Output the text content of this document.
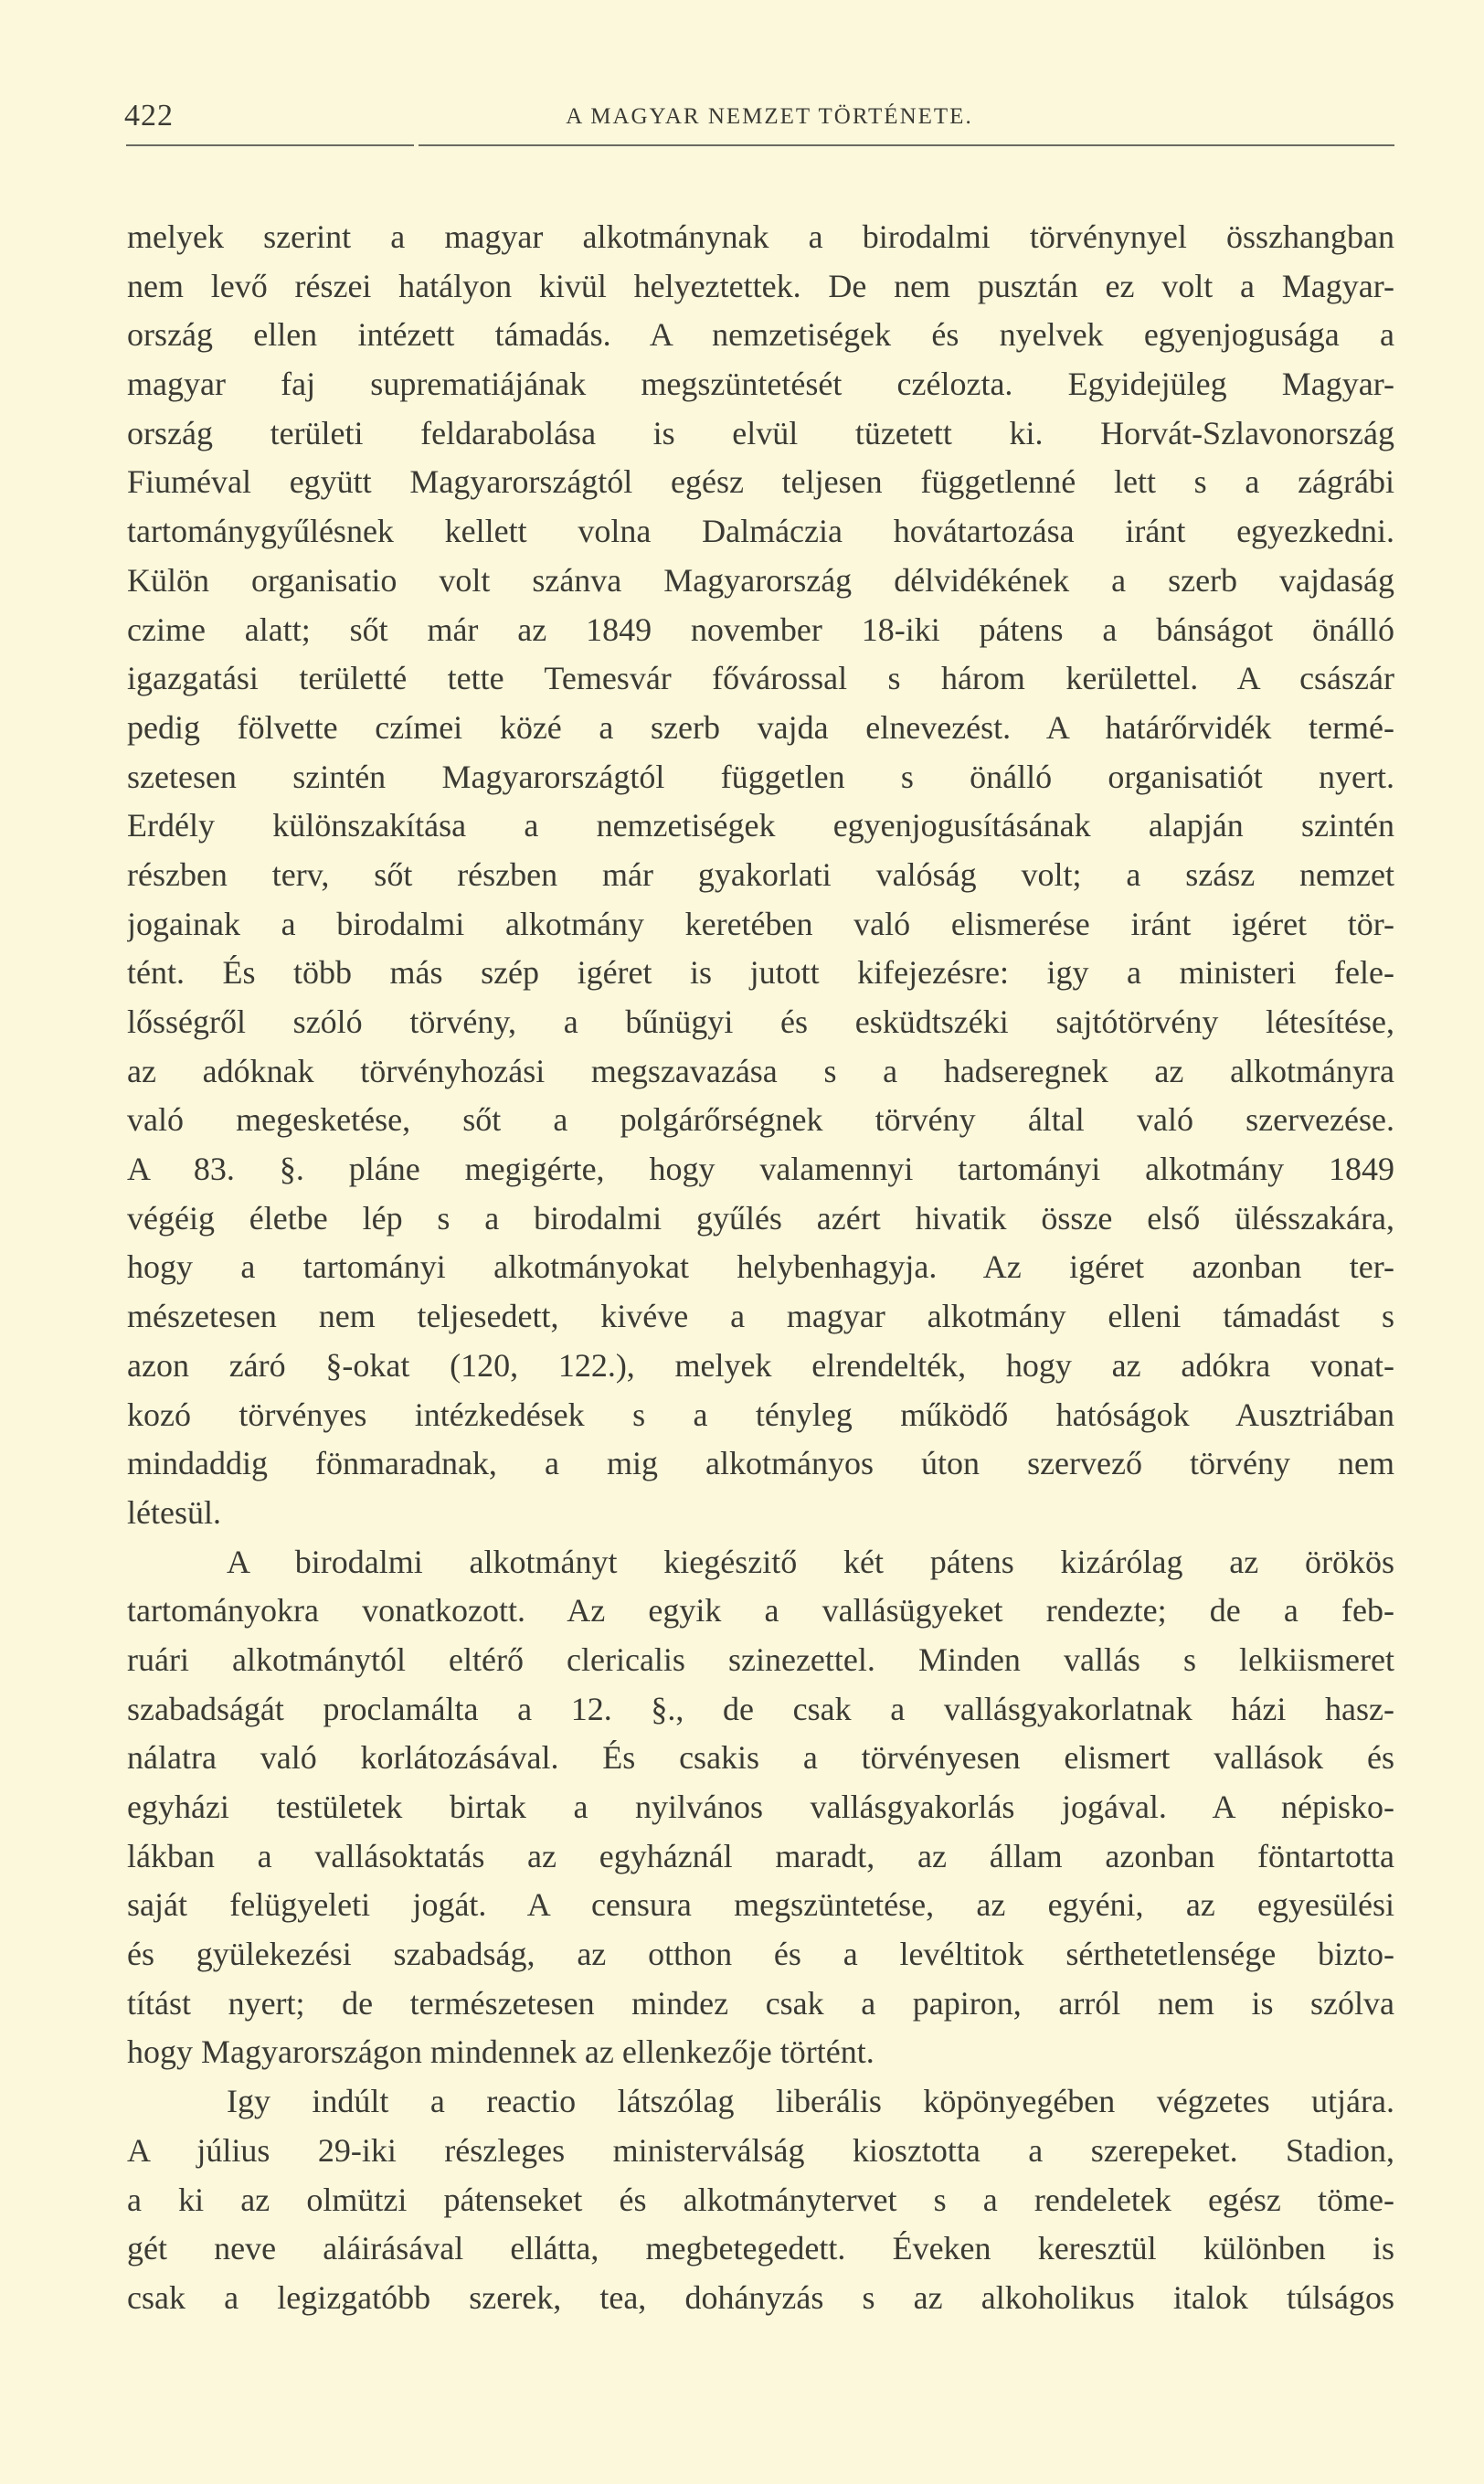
422	A MAGYAR NEMZET TÖRTÉNETE.
melyek szerint a magyar alkotmánynak a birodalmi törvénynyel összhangban
nem levő részei hatályon kivül helyeztettek. De nem pusztán ez volt a Magyar-
ország ellen intézett támadás. A nemzetiségek és nyelvek egyenjogusága a
magyar faj suprematiájának megszüntetését czélozta. Egyidejüleg Magyar-
ország területi feldarabolása is elvül tüzetett ki. Horvát-Szlavonország
Fiuméval együtt Magyarországtól egész teljesen függetlenné lett s a zágrábi
tartománygyűlésnek kellett volna Dalmáczia hovátartozása iránt egyezkedni.
Külön organisatio volt szánva Magyarország délvidékének a szerb vajdaság
czime alatt; sőt már az 1849 november 18-iki pátens a bánságot önálló
igazgatási területté tette Temesvár fővárossal s három kerülettel. A császár
pedig fölvette czímei közé a szerb vajda elnevezést. A határőrvidék termé-
szetesen szintén Magyarországtól független s önálló organisatiót nyert.
Erdély különszakítása a nemzetiségek egyenjogusításának alapján szintén
részben terv, sőt részben már gyakorlati valóság volt; a szász nemzet
jogainak a birodalmi alkotmány keretében való elismerése iránt igéret tör-
tént. És több más szép igéret is jutott kifejezésre: igy a ministeri fele-
lősségről szóló törvény, a bűnügyi és esküdtszéki sajtótörvény létesítése,
az adóknak törvényhozási megszavazása s a hadseregnek az alkotmányra
való megesketése, sőt a polgárőrségnek törvény által való szervezése.
A 83. §. pláne megigérte, hogy valamennyi tartományi alkotmány 1849
végéig életbe lép s a birodalmi gyűlés azért hivatik össze első ülésszakára,
hogy a tartományi alkotmányokat helybenhagyja. Az igéret azonban ter-
mészetesen nem teljesedett, kivéve a magyar alkotmány elleni támadást s
azon záró §-okat (120, 122.), melyek elrendelték, hogy az adókra vonat-
kozó törvényes intézkedések s a tényleg működő hatóságok Ausztriában
mindaddig fönmaradnak, a mig alkotmányos úton szervező törvény nem
létesül.
A birodalmi alkotmányt kiegészitő két pátens kizárólag az örökös
tartományokra vonatkozott. Az egyik a vallásügyeket rendezte; de a feb-
ruári alkotmánytól eltérő clericalis szinezettel. Minden vallás s lelkiismeret
szabadságát proclamálta a 12. §., de csak a vallásgyakorlatnak házi hasz-
nálatra való korlátozásával. És csakis a törvényesen elismert vallások és
egyházi testületek birtak a nyilvános vallásgyakorlás jogával. A népisko-
lákban a vallásoktatás az egyháznál maradt, az állam azonban föntartotta
saját felügyeleti jogát. A censura megszüntetése, az egyéni, az egyesülési
és gyülekezési szabadság, az otthon és a levéltitok sérthetetlensége bizto-
títást nyert; de természetesen mindez csak a papiron, arról nem is szólva
hogy Magyarországon mindennek az ellenkezője történt.
Igy indúlt a reactio látszólag liberális köpönyegében végzetes utjára.
A július 29-iki részleges ministerválság kiosztotta a szerepeket. Stadion,
a ki az olmützi pátenseket és alkotmánytervet s a rendeletek egész töme-
gét neve aláirásával ellátta, megbetegedett. Éveken keresztül különben is
csak a legizgatóbb szerek, tea, dohányzás s az alkoholikus italok túlságos
